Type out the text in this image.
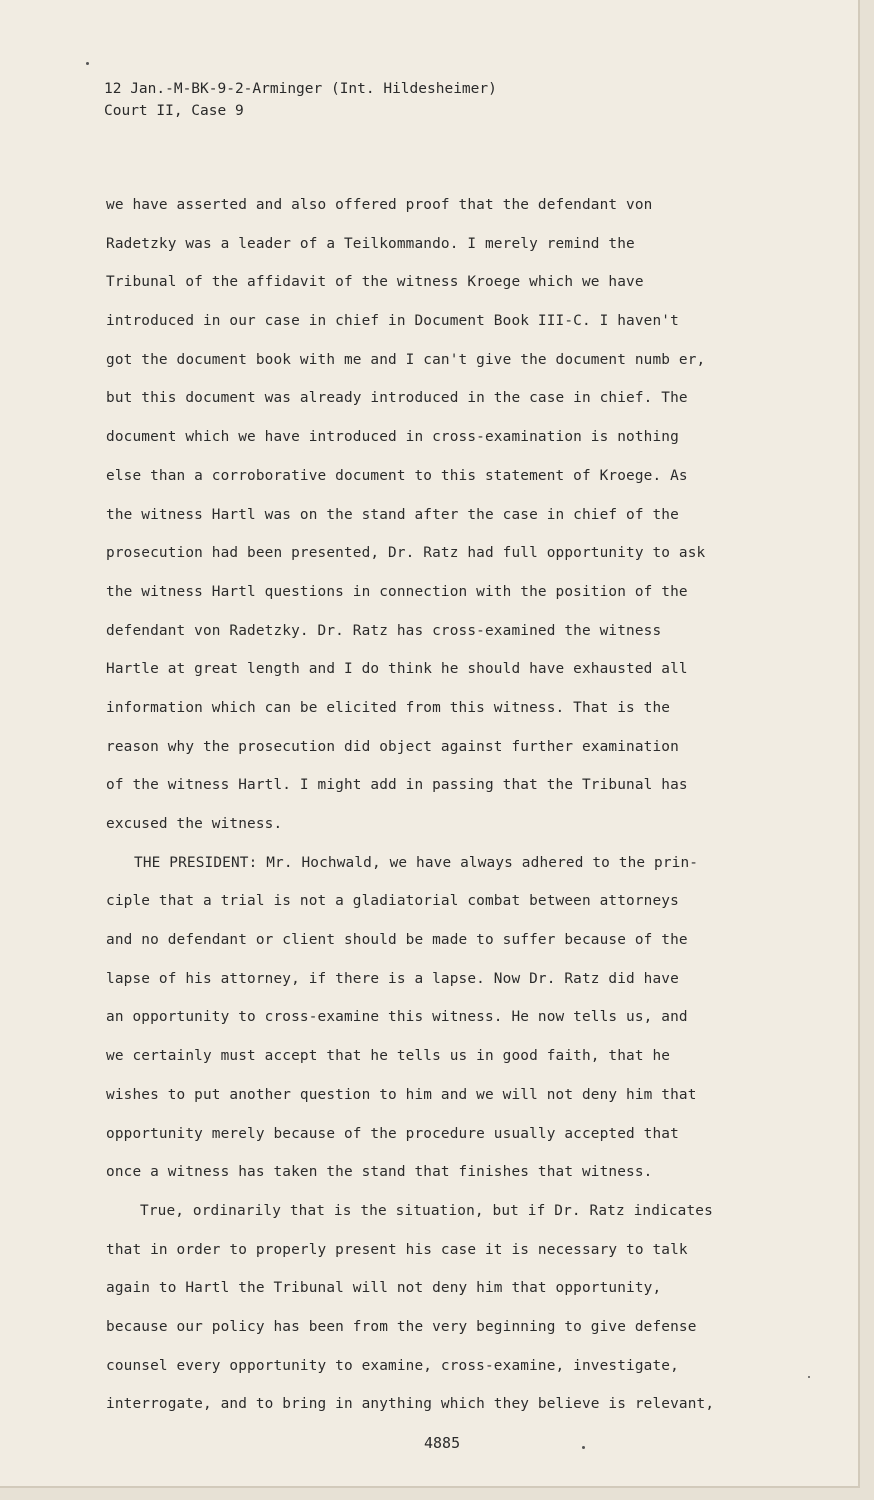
12 Jan.-M-BK-9-2-Arminger (Int. Hildesheimer)
Court II, Case 9
we have asserted and also offered proof that the defendant von
Radetzky was a leader of a Teilkommando. I merely remind the
Tribunal of the affidavit of the witness Kroege which we have
introduced in our case in chief in Document Book III-C. I haven't
got the document book with me and I can't give the document numb er,
but this document was already introduced in the case in chief. The
document which we have introduced in cross-examination is nothing
else than a corroborative document to this statement of Kroege. As
the witness Hartl was on the stand after the case in chief of the
prosecution had been presented, Dr. Ratz had full opportunity to ask
the witness Hartl questions in connection with the position of the
defendant von Radetzky. Dr. Ratz has cross-examined the witness
Hartle at great length and I do think he should have exhausted all
information which can be elicited from this witness. That is the
reason why the prosecution did object against further examination
of the witness Hartl. I might add in passing that the Tribunal has
excused the witness.
THE PRESIDENT: Mr. Hochwald, we have always adhered to the prin-
ciple that a trial is not a gladiatorial combat between attorneys
and no defendant or client should be made to suffer because of the
lapse of his attorney, if there is a lapse. Now Dr. Ratz did have
an opportunity to cross-examine this witness. He now tells us, and
we certainly must accept that he tells us in good faith, that he
wishes to put another question to him and we will not deny him that
opportunity merely because of the procedure usually accepted that
once a witness has taken the stand that finishes that witness.
True, ordinarily that is the situation, but if Dr. Ratz indicates
that in order to properly present his case it is necessary to talk
again to Hartl the Tribunal will not deny him that opportunity,
because our policy has been from the very beginning to give defense
counsel every opportunity to examine, cross-examine, investigate,
interrogate, and to bring in anything which they believe is relevant,
4885
